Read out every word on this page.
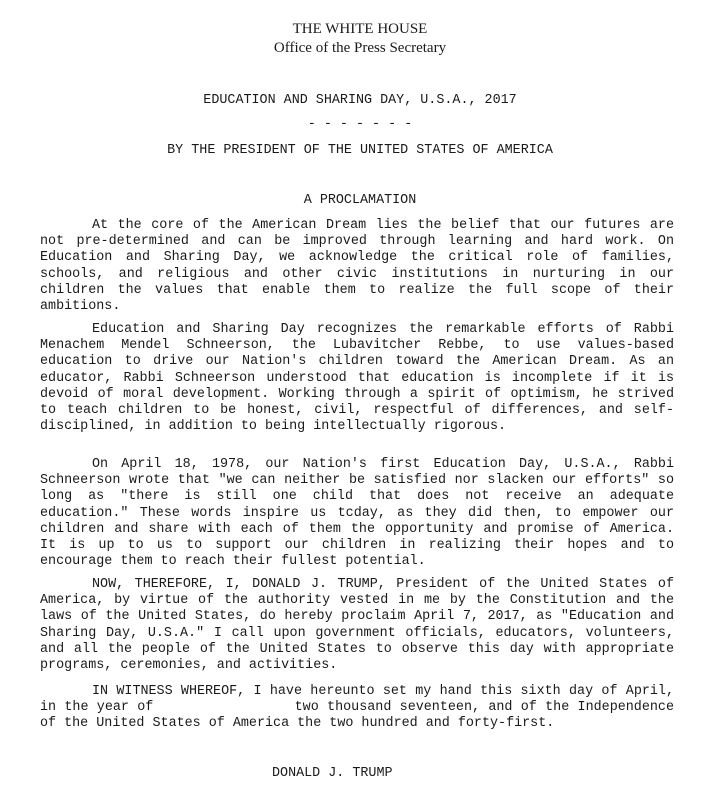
THE WHITE HOUSE
Office of the Press Secretary
EDUCATION AND SHARING DAY, U.S.A., 2017
- - - - - - -
BY THE PRESIDENT OF THE UNITED STATES OF AMERICA
A PROCLAMATION

At the core of the American Dream lies the belief that our futures are not pre-determined and can be improved through learning and hard work. On Education and Sharing Day, we acknowledge the critical role of families, schools, and religious and other civic institutions in nurturing in our children the values that enable them to realize the full scope of their ambitions.

Education and Sharing Day recognizes the remarkable efforts of Rabbi Menachem Mendel Schneerson, the Lubavitcher Rebbe, to use values-based education to drive our Nation's children toward the American Dream. As an educator, Rabbi Schneerson understood that education is incomplete if it is devoid of moral development. Working through a spirit of optimism, he strived to teach children to be honest, civil, respectful of differences, and self-disciplined, in addition to being intellectually rigorous.

On April 18, 1978, our Nation's first Education Day, U.S.A., Rabbi Schneerson wrote that "we can neither be satisfied nor slacken our efforts" so long as "there is still one child that does not receive an adequate education." These words inspire us tcday, as they did then, to empower our children and share with each of them the opportunity and promise of America. It is up to us to support our children in realizing their hopes and to encourage them to reach their fullest potential.

NOW, THEREFORE, I, DONALD J. TRUMP, President of the United States of America, by virtue of the authority vested in me by the Constitution and the laws of the United States, do hereby proclaim April 7, 2017, as "Education and Sharing Day, U.S.A." I call upon government officials, educators, volunteers, and all the people of the United States to observe this day with appropriate programs, ceremonies, and activities.

IN WITNESS WHEREOF, I have hereunto set my hand this sixth day of April, in the year of                 two thousand seventeen, and of the Independence of the United States of America the two hundred and forty-first.

DONALD J. TRUMP
